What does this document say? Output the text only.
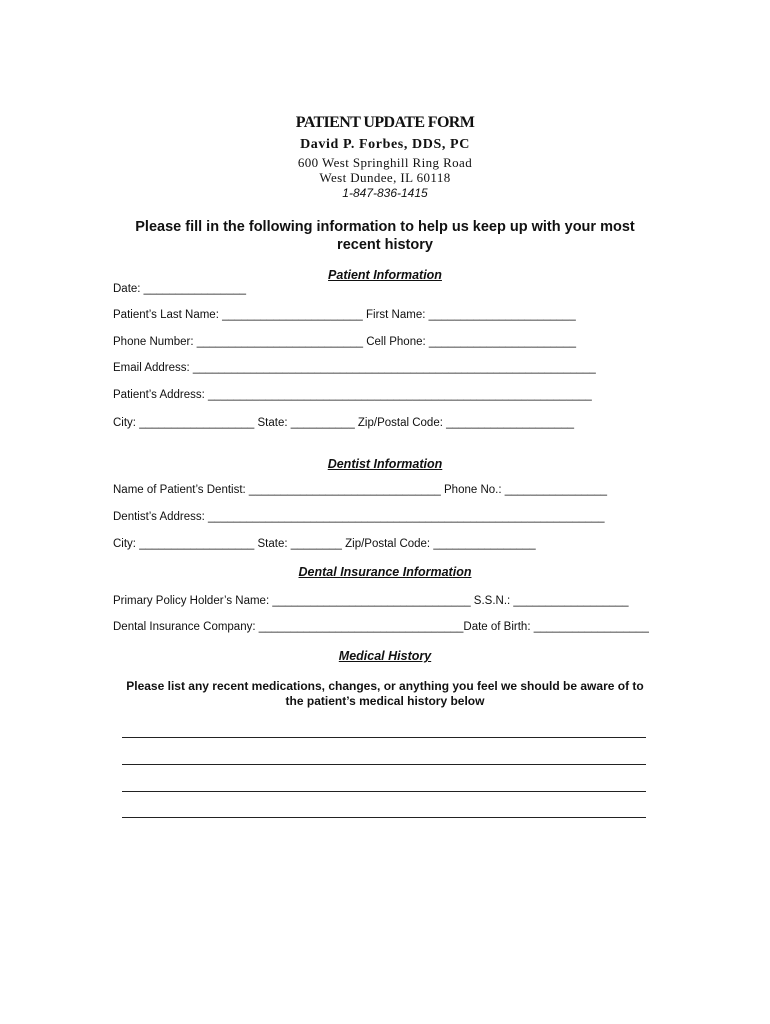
PATIENT UPDATE FORM

David P. Forbes, DDS, PC

600 West Springhill Ring Road

West Dundee, IL 60118

1-847-836-1415

Please fill in the following information to help us keep up with your most

recent history

Patient Information

Date: ________________

Patient’s Last Name: ______________________ First Name: _______________________

Phone Number: __________________________ Cell Phone: _______________________

Email Address: _______________________________________________________________

Patient’s Address: ____________________________________________________________

City: __________________ State: __________ Zip/Postal Code: ____________________

Dentist Information

Name of Patient’s Dentist: ______________________________ Phone No.: ________________

Dentist’s Address: ______________________________________________________________

City: __________________ State: ________ Zip/Postal Code: ________________

Dental Insurance Information

Primary Policy Holder’s Name: _______________________________ S.S.N.: __________________

Dental Insurance Company: ________________________________Date of Birth: __________________

Medical History

Please list any recent medications, changes, or anything you feel we should be aware of to

the patient’s medical history below
